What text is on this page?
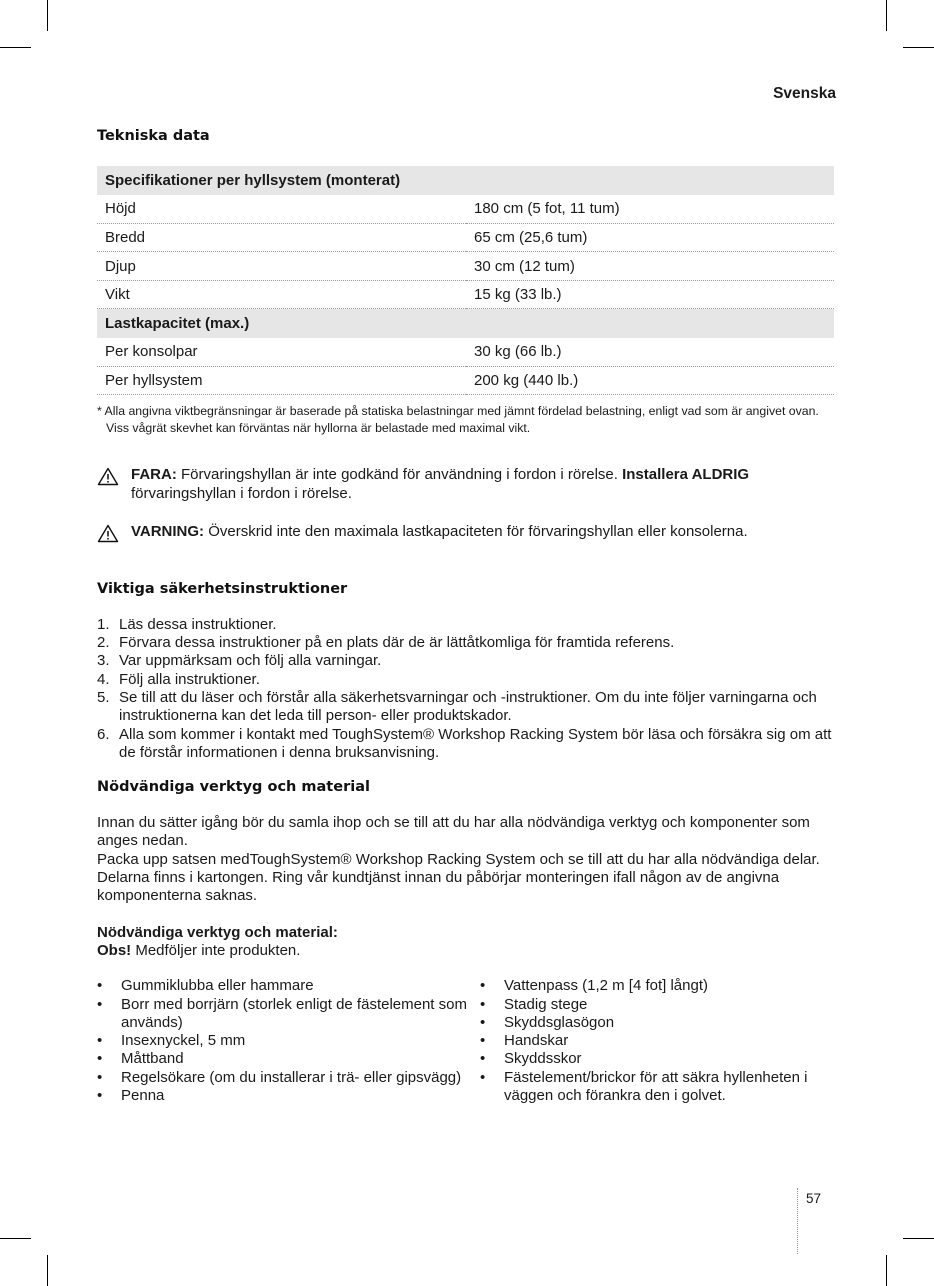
Svenska
Tekniska data
Specifikationer per hyllsystem (monterat)	
Höjd	180 cm (5 fot, 11 tum)
Bredd	65 cm (25,6 tum)
Djup	30 cm (12 tum)
Vikt	15 kg (33 lb.)
Lastkapacitet (max.)	
Per konsolpar	30 kg (66 lb.)
Per hyllsystem	200 kg (440 lb.)

* Alla angivna viktbegränsningar är baserade på statiska belastningar med jämnt fördelad belastning, enligt vad som är angivet ovan. Viss vågrät skevhet kan förväntas när hyllorna är belastade med maximal vikt.

FARA: Förvaringshyllan är inte godkänd för användning i fordon i rörelse. Installera ALDRIG förvaringshyllan i fordon i rörelse.
VARNING: Överskrid inte den maximala lastkapaciteten för förvaringshyllan eller konsolerna.
Viktiga säkerhetsinstruktioner
1. Läs dessa instruktioner.
2. Förvara dessa instruktioner på en plats där de är lättåtkomliga för framtida referens.
3. Var uppmärksam och följ alla varningar.
4. Följ alla instruktioner.
5. Se till att du läser och förstår alla säkerhetsvarningar och -instruktioner. Om du inte följer varningarna och instruktionerna kan det leda till person- eller produktskador.
6. Alla som kommer i kontakt med ToughSystem® Workshop Racking System bör läsa och försäkra sig om att de förstår informationen i denna bruksanvisning.
Nödvändiga verktyg och material

Innan du sätter igång bör du samla ihop och se till att du har alla nödvändiga verktyg och komponenter som anges nedan.

Packa upp satsen medToughSystem® Workshop Racking System och se till att du har alla nödvändiga delar. Delarna finns i kartongen. Ring vår kundtjänst innan du påbörjar monteringen ifall någon av de angivna komponenterna saknas.

Nödvändiga verktyg och material:

Obs! Medföljer inte produkten.

•	Gummiklubba eller hammare
•	Borr med borrjärn (storlek enligt de fästelement som används)
•	Insexnyckel, 5 mm
•	Måttband
•	Regelsökare (om du installerar i trä- eller gipsvägg)
•	Penna
•	Vattenpass (1,2 m [4 fot] långt)
•	Stadig stege
•	Skyddsglasögon
•	Handskar
•	Skyddsskor
•	Fästelement/brickor för att säkra hyllenheten i väggen och förankra den i golvet.
57
